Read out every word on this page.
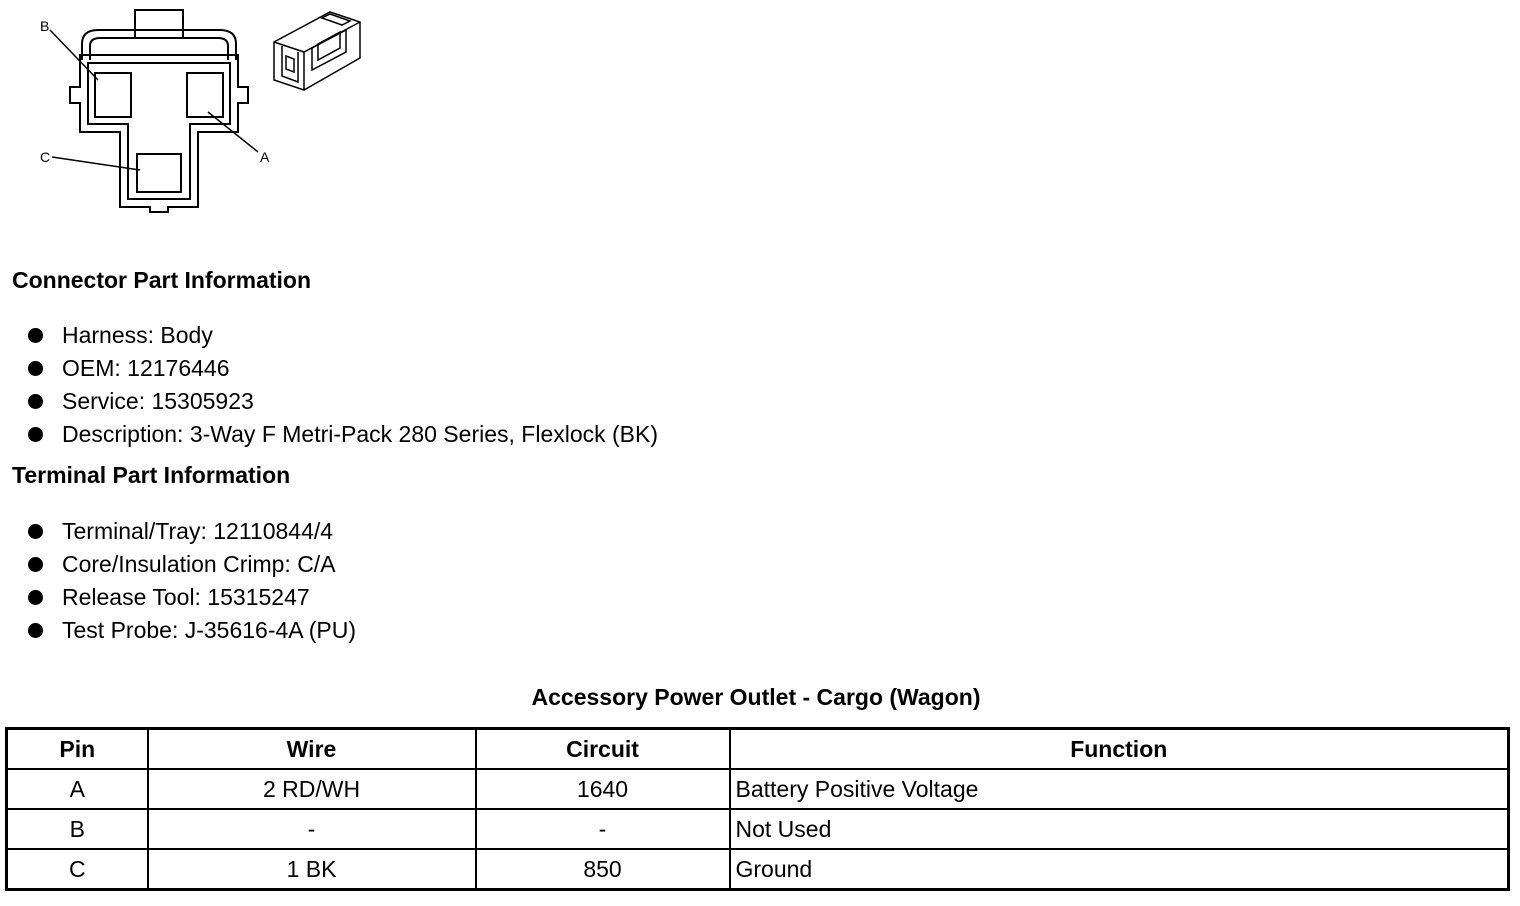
B
A
C
Connector Part Information
Harness: Body
OEM: 12176446
Service: 15305923
Description: 3-Way F Metri-Pack 280 Series, Flexlock (BK)
Terminal Part Information
Terminal/Tray: 12110844/4
Core/Insulation Crimp: C/A
Release Tool: 15315247
Test Probe: J-35616-4A (PU)
Accessory Power Outlet - Cargo (Wagon)
Pin	Wire	Circuit	Function
A	2 RD/WH	1640	Battery Positive Voltage
B	-	-	Not Used
C	1 BK	850	Ground
